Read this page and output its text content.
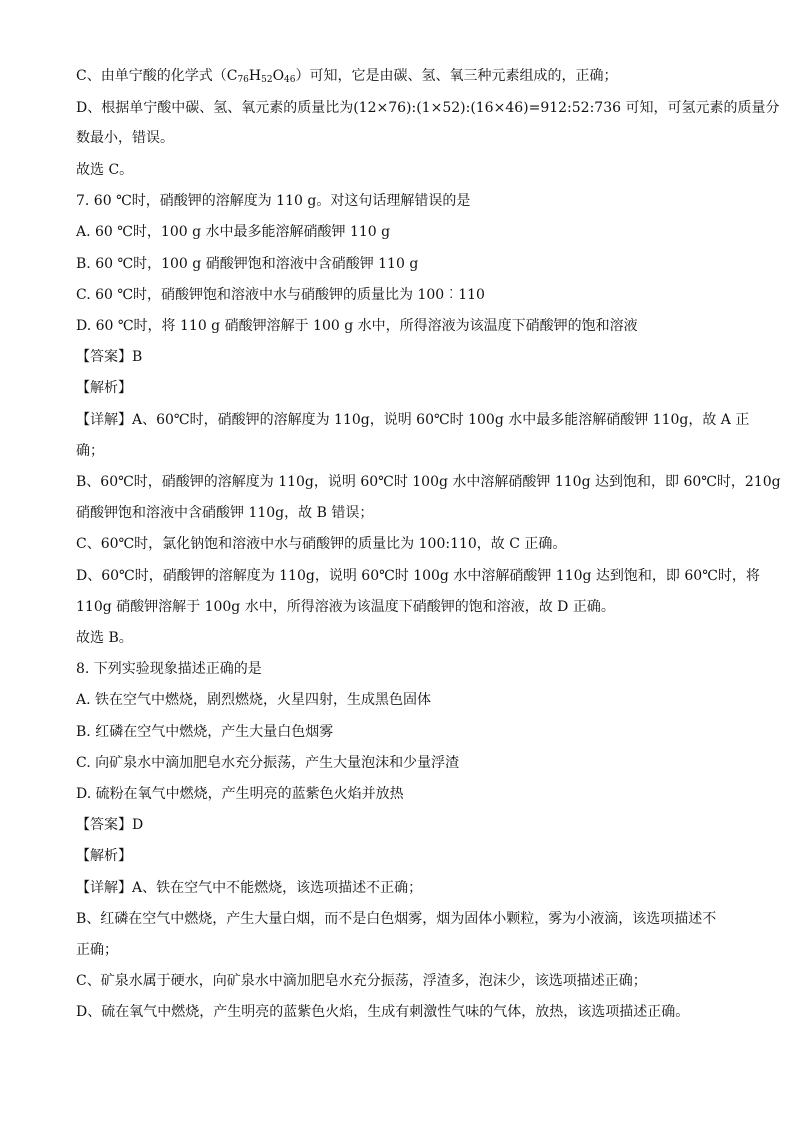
C、由单宁酸的化学式$(C_{76}H_{52}O_{46})$可知，它是由碳、氢、氧三种元素组成的，正确；
D、根据单宁酸中碳、氢、氧元素的质量比为(12×76):(1×52):(16×46)=912:52:736 可知，可氢元素的质量分
数最小，错误。
故选 C。
7. 60 ℃时，硝酸钾的溶解度为 110 g。对这句话理解错误的是
A. 60 ℃时，100 g 水中最多能溶解硝酸钾 110 g
B. 60 ℃时，100 g 硝酸钾饱和溶液中含硝酸钾 110 g
C. 60 ℃时，硝酸钾饱和溶液中水与硝酸钾的质量比为 100︰110
D. 60 ℃时，将 110 g 硝酸钾溶解于 100 g 水中，所得溶液为该温度下硝酸钾的饱和溶液
【答案】B
【解析】
【详解】A、60℃时，硝酸钾的溶解度为 110g，说明 60℃时 100g 水中最多能溶解硝酸钾 110g，故 A 正
确；
B、60℃时，硝酸钾的溶解度为 110g，说明 60℃时 100g 水中溶解硝酸钾 110g 达到饱和，即 60℃时，210g
硝酸钾饱和溶液中含硝酸钾 110g，故 B 错误；
C、60℃时，氯化钠饱和溶液中水与硝酸钾的质量比为 100:110，故 C 正确。
D、60℃时，硝酸钾的溶解度为 110g，说明 60℃时 100g 水中溶解硝酸钾 110g 达到饱和，即 60℃时，将
110g 硝酸钾溶解于 100g 水中，所得溶液为该温度下硝酸钾的饱和溶液，故 D 正确。
故选 B。
8. 下列实验现象描述正确的是
A. 铁在空气中燃烧，剧烈燃烧，火星四射，生成黑色固体
B. 红磷在空气中燃烧，产生大量白色烟雾
C. 向矿泉水中滴加肥皂水充分振荡，产生大量泡沫和少量浮渣
D. 硫粉在氧气中燃烧，产生明亮的蓝紫色火焰并放热
【答案】D
【解析】
【详解】A、铁在空气中不能燃烧，该选项描述不正确；
B、红磷在空气中燃烧，产生大量白烟，而不是白色烟雾，烟为固体小颗粒，雾为小液滴，该选项描述不
正确；
C、矿泉水属于硬水，向矿泉水中滴加肥皂水充分振荡，浮渣多，泡沫少，该选项描述正确；
D、硫在氧气中燃烧，产生明亮的蓝紫色火焰，生成有刺激性气味的气体，放热，该选项描述正确。
